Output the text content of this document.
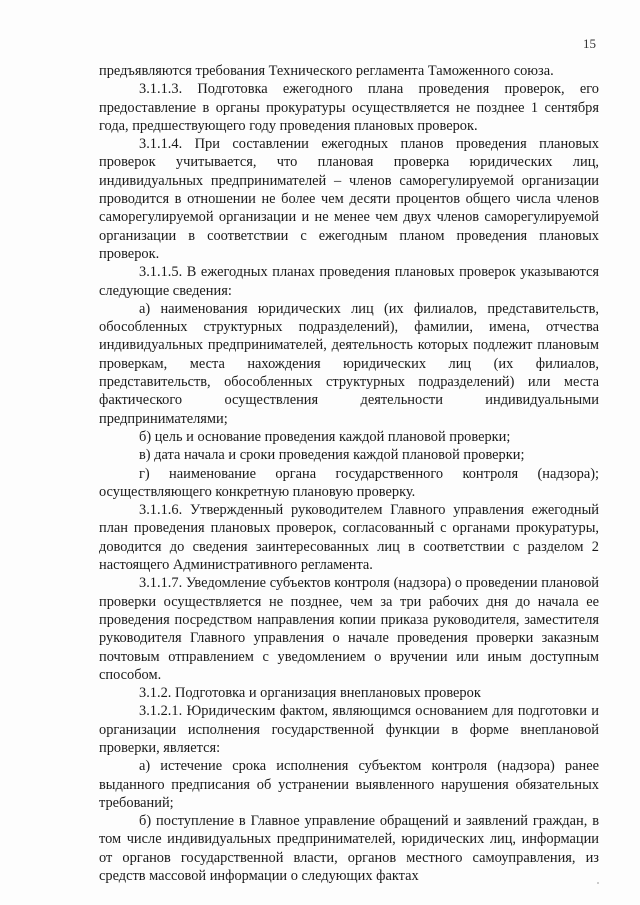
15

предъявляются требования Технического регламента Таможенного союза.

3.1.1.3. Подготовка ежегодного плана проведения проверок, его предоставление в органы прокуратуры осуществляется не позднее 1 сентября года, предшествующего году проведения плановых проверок.

3.1.1.4. При составлении ежегодных планов проведения плановых проверок учитывается, что плановая проверка юридических лиц, индивидуальных предпринимателей – членов саморегулируемой организации проводится в отношении не более чем десяти процентов общего числа членов саморегулируемой организации и не менее чем двух членов саморегулируемой организации в соответствии с ежегодным планом проведения плановых проверок.

3.1.1.5. В ежегодных планах проведения плановых проверок указываются следующие сведения:

а) наименования юридических лиц (их филиалов, представительств, обособленных структурных подразделений), фамилии, имена, отчества индивидуальных предпринимателей, деятельность которых подлежит плановым проверкам, места нахождения юридических лиц (их филиалов, представительств, обособленных структурных подразделений) или места фактического осуществления деятельности индивидуальными предпринимателями;

б) цель и основание проведения каждой плановой проверки;

в) дата начала и сроки проведения каждой плановой проверки;

г) наименование органа государственного контроля (надзора); осуществляющего конкретную плановую проверку.

3.1.1.6. Утвержденный руководителем Главного управления ежегодный план проведения плановых проверок, согласованный с органами прокуратуры, доводится до сведения заинтересованных лиц в соответствии с разделом 2 настоящего Административного регламента.

3.1.1.7. Уведомление субъектов контроля (надзора) о проведении плановой проверки осуществляется не позднее, чем за три рабочих дня до начала ее проведения посредством направления копии приказа руководителя, заместителя руководителя Главного управления о начале проведения проверки заказным почтовым отправлением с уведомлением о вручении или иным доступным способом.

3.1.2. Подготовка и организация внеплановых проверок

3.1.2.1. Юридическим фактом, являющимся основанием для подготовки и организации исполнения государственной функции в форме внеплановой проверки, является:

а) истечение срока исполнения субъектом контроля (надзора) ранее выданного предписания об устранении выявленного нарушения обязательных требований;

б) поступление в Главное управление обращений и заявлений граждан, в том числе индивидуальных предпринимателей, юридических лиц, информации от органов государственной власти, органов местного самоуправления, из средств массовой информации о следующих фактах
